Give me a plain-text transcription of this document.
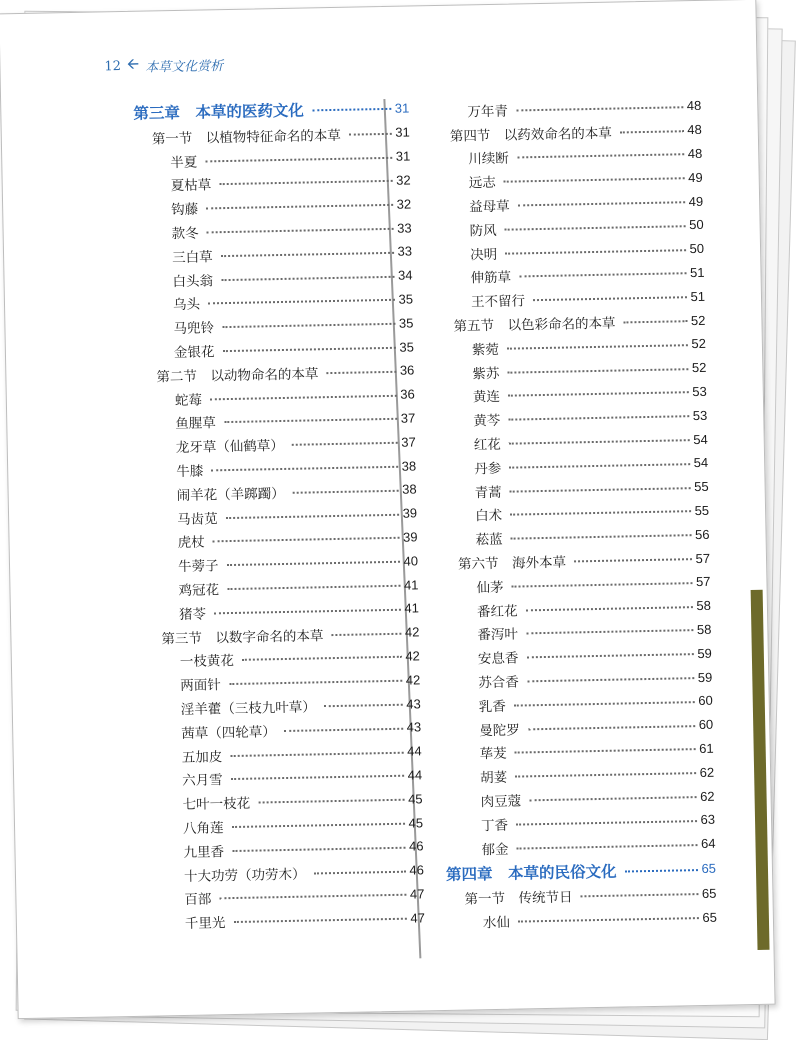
12 🡨 本草文化赏析
第三章　本草的医药文化	31
第一节　以植物特征命名的本草	31
半夏	31
夏枯草	32
钩藤	32
款冬	33
三白草	33
白头翁	34
乌头	35
马兜铃	35
金银花	35
第二节　以动物命名的本草	36
蛇莓	36
鱼腥草	37
龙牙草（仙鹤草）	37
牛膝	38
闹羊花（羊踯躅）	38
马齿苋	39
虎杖	39
牛蒡子	40
鸡冠花	41
猪苓	41
第三节　以数字命名的本草	42
一枝黄花	42
两面针	42
淫羊藿（三枝九叶草）	43
茜草（四轮草）	43
五加皮	44
六月雪	44
七叶一枝花	45
八角莲	45
九里香	46
十大功劳（功劳木）	46
百部	47
千里光	47
万年青	48
第四节　以药效命名的本草	48
川续断	48
远志	49
益母草	49
防风	50
决明	50
伸筋草	51
王不留行	51
第五节　以色彩命名的本草	52
紫菀	52
紫苏	52
黄连	53
黄芩	53
红花	54
丹参	54
青蒿	55
白术	55
菘蓝	56
第六节　海外本草	57
仙茅	57
番红花	58
番泻叶	58
安息香	59
苏合香	59
乳香	60
曼陀罗	60
荜茇	61
胡荽	62
肉豆蔻	62
丁香	63
郁金	64
第四章　本草的民俗文化	65
第一节　传统节日	65
水仙	65
